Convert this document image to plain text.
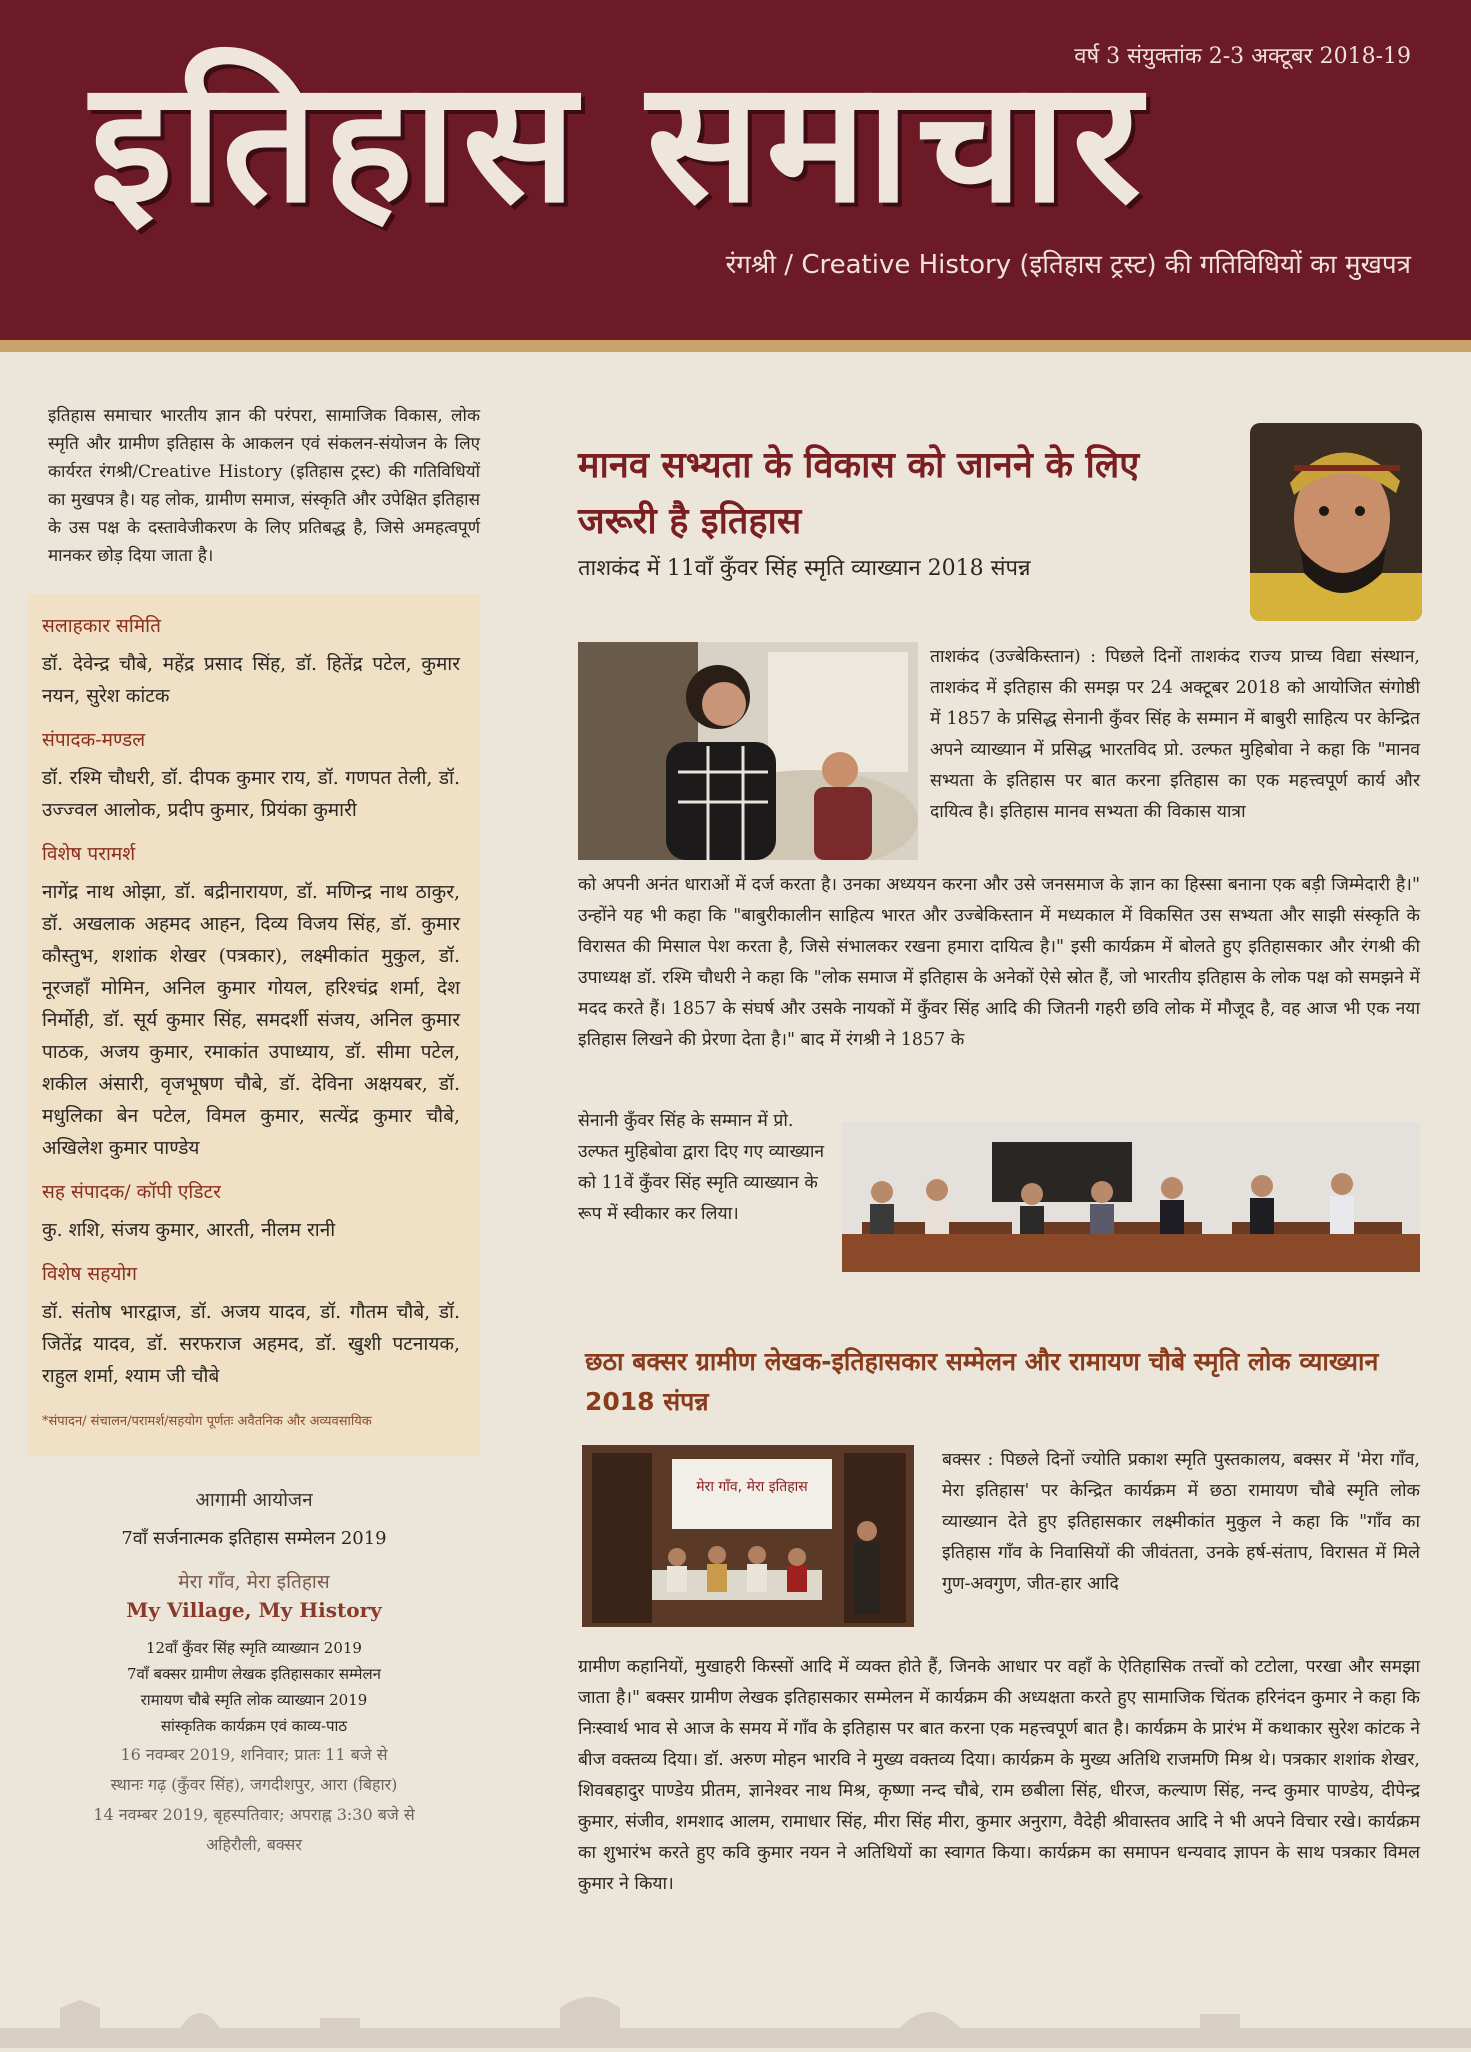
वर्ष 3 संयुक्तांक 2-3 अक्टूबर 2018-19
इतिहास समाचार
रंगश्री / Creative History (इतिहास ट्रस्ट) की गतिविधियों का मुखपत्र

इतिहास समाचार भारतीय ज्ञान की परंपरा, सामाजिक विकास, लोक स्मृति और ग्रामीण इतिहास के आकलन एवं संकलन-संयोजन के लिए कार्यरत रंगश्री/Creative History (इतिहास ट्रस्ट) की गतिविधियों का मुखपत्र है। यह लोक, ग्रामीण समाज, संस्कृति और उपेक्षित इतिहास के उस पक्ष के दस्तावेजीकरण के लिए प्रतिबद्ध है, जिसे अमहत्वपूर्ण मानकर छोड़ दिया जाता है।

सलाहकार समिति

डॉ. देवेन्द्र चौबे, महेंद्र प्रसाद सिंह, डॉ. हितेंद्र पटेल, कुमार नयन, सुरेश कांटक

संपादक-मण्डल

डॉ. रश्मि चौधरी, डॉ. दीपक कुमार राय, डॉ. गणपत तेली, डॉ. उज्ज्वल आलोक, प्रदीप कुमार, प्रियंका कुमारी

विशेष परामर्श

नागेंद्र नाथ ओझा, डॉ. बद्रीनारायण, डॉ. मणिन्द्र नाथ ठाकुर, डॉ. अखलाक अहमद आहन, दिव्य विजय सिंह, डॉ. कुमार कौस्तुभ, शशांक शेखर (पत्रकार), लक्ष्मीकांत मुकुल, डॉ. नूरजहाँ मोमिन, अनिल कुमार गोयल, हरिश्चंद्र शर्मा, देश निर्मोही, डॉ. सूर्य कुमार सिंह, समदर्शी संजय, अनिल कुमार पाठक, अजय कुमार, रमाकांत उपाध्याय, डॉ. सीमा पटेल, शकील अंसारी, वृजभूषण चौबे, डॉ. देविना अक्षयबर, डॉ. मधुलिका बेन पटेल, विमल कुमार, सत्येंद्र कुमार चौबे, अखिलेश कुमार पाण्डेय

सह संपादक/ कॉपी एडिटर

कु. शशि, संजय कुमार, आरती, नीलम रानी

विशेष सहयोग

डॉ. संतोष भारद्वाज, डॉ. अजय यादव, डॉ. गौतम चौबे, डॉ. जितेंद्र यादव, डॉ. सरफराज अहमद, डॉ. खुशी पटनायक, राहुल शर्मा, श्याम जी चौबे

*संपादन/ संचालन/परामर्श/सहयोग पूर्णतः अवैतनिक और अव्यवसायिक

आगामी आयोजन

7वाँ सर्जनात्मक इतिहास सम्मेलन 2019

मेरा गाँव, मेरा इतिहास

My Village, My History

12वाँ कुँवर सिंह स्मृति व्याख्यान 2019

7वाँ बक्सर ग्रामीण लेखक इतिहासकार सम्मेलन

रामायण चौबे स्मृति लोक व्याख्यान 2019

सांस्कृतिक कार्यक्रम एवं काव्य-पाठ

16 नवम्बर 2019, शनिवार; प्रातः 11 बजे से

स्थानः गढ़ (कुँवर सिंह), जगदीशपुर, आरा (बिहार)

14 नवम्बर 2019, बृहस्पतिवार; अपराह्न 3:30 बजे से

अहिरौली, बक्सर

मानव सभ्यता के विकास को जानने के लिए जरूरी है इतिहास

ताशकंद में 11वाँ कुँवर सिंह स्मृति व्याख्यान 2018 संपन्न

ताशकंद (उज्बेकिस्तान) : पिछले दिनों ताशकंद राज्य प्राच्य विद्या संस्थान, ताशकंद में इतिहास की समझ पर 24 अक्टूबर 2018 को आयोजित संगोष्ठी में 1857 के प्रसिद्ध सेनानी कुँवर सिंह के सम्मान में बाबुरी साहित्य पर केन्द्रित अपने व्याख्यान में प्रसिद्ध भारतविद प्रो. उल्फत मुहिबोवा ने कहा कि "मानव सभ्यता के इतिहास पर बात करना इतिहास का एक महत्त्वपूर्ण कार्य और दायित्व है। इतिहास मानव सभ्यता की विकास यात्रा

को अपनी अनंत धाराओं में दर्ज करता है। उनका अध्ययन करना और उसे जनसमाज के ज्ञान का हिस्सा बनाना एक बड़ी जिम्मेदारी है।" उन्होंने यह भी कहा कि "बाबुरीकालीन साहित्य भारत और उज्बेकिस्तान में मध्यकाल में विकसित उस सभ्यता और साझी संस्कृति के विरासत की मिसाल पेश करता है, जिसे संभालकर रखना हमारा दायित्व है।" इसी कार्यक्रम में बोलते हुए इतिहासकार और रंगश्री की उपाध्यक्ष डॉ. रश्मि चौधरी ने कहा कि "लोक समाज में इतिहास के अनेकों ऐसे स्रोत हैं, जो भारतीय इतिहास के लोक पक्ष को समझने में मदद करते हैं। 1857 के संघर्ष और उसके नायकों में कुँवर सिंह आदि की जितनी गहरी छवि लोक में मौजूद है, वह आज भी एक नया इतिहास लिखने की प्रेरणा देता है।" बाद में रंगश्री ने 1857 के

सेनानी कुँवर सिंह के सम्मान में प्रो. उल्फत मुहिबोवा द्वारा दिए गए व्याख्यान को 11वें कुँवर सिंह स्मृति व्याख्यान के रूप में स्वीकार कर लिया।

छठा बक्सर ग्रामीण लेखक-इतिहासकार सम्मेलन और रामायण चौबे स्मृति लोक व्याख्यान 2018 संपन्न
मेरा गाँव, मेरा इतिहास

बक्सर : पिछले दिनों ज्योति प्रकाश स्मृति पुस्तकालय, बक्सर में 'मेरा गाँव, मेरा इतिहास' पर केन्द्रित कार्यक्रम में छठा रामायण चौबे स्मृति लोक व्याख्यान देते हुए इतिहासकार लक्ष्मीकांत मुकुल ने कहा कि "गाँव का इतिहास गाँव के निवासियों की जीवंतता, उनके हर्ष-संताप, विरासत में मिले गुण-अवगुण, जीत-हार आदि

ग्रामीण कहानियों, मुखाहरी किस्सों आदि में व्यक्त होते हैं, जिनके आधार पर वहाँ के ऐतिहासिक तत्त्वों को टटोला, परखा और समझा जाता है।" बक्सर ग्रामीण लेखक इतिहासकार सम्मेलन में कार्यक्रम की अध्यक्षता करते हुए सामाजिक चिंतक हरिनंदन कुमार ने कहा कि निःस्वार्थ भाव से आज के समय में गाँव के इतिहास पर बात करना एक महत्त्वपूर्ण बात है। कार्यक्रम के प्रारंभ में कथाकार सुरेश कांटक ने बीज वक्तव्य दिया। डॉ. अरुण मोहन भारवि ने मुख्य वक्तव्य दिया। कार्यक्रम के मुख्य अतिथि राजमणि मिश्र थे। पत्रकार शशांक शेखर, शिवबहादुर पाण्डेय प्रीतम, ज्ञानेश्वर नाथ मिश्र, कृष्णा नन्द चौबे, राम छबीला सिंह, धीरज, कल्याण सिंह, नन्द कुमार पाण्डेय, दीपेन्द्र कुमार, संजीव, शमशाद आलम, रामाधार सिंह, मीरा सिंह मीरा, कुमार अनुराग, वैदेही श्रीवास्तव आदि ने भी अपने विचार रखे। कार्यक्रम का शुभारंभ करते हुए कवि कुमार नयन ने अतिथियों का स्वागत किया। कार्यक्रम का समापन धन्यवाद ज्ञापन के साथ पत्रकार विमल कुमार ने किया।
